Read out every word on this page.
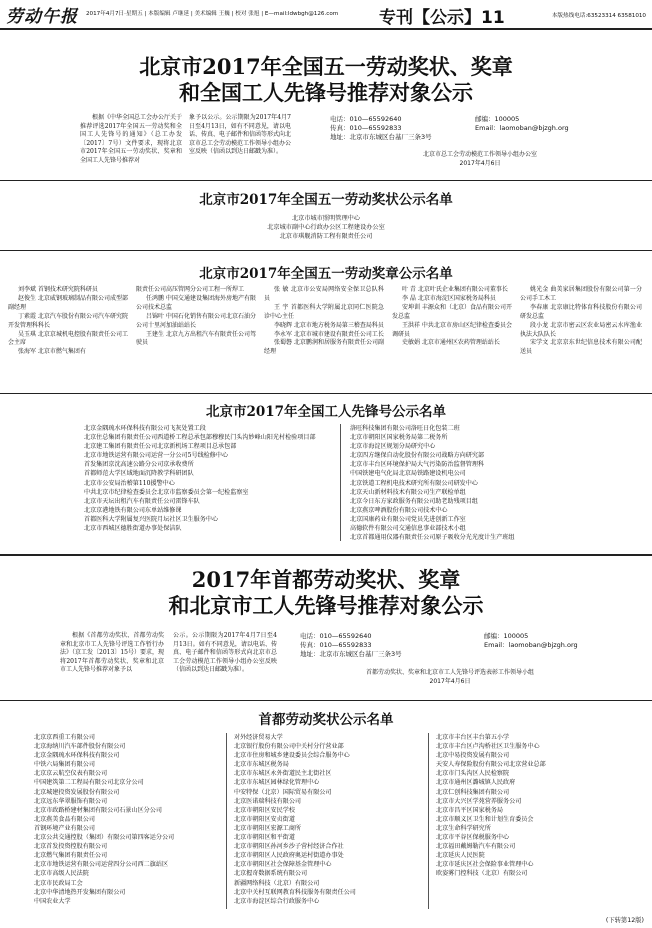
劳动午报 2017年4月7日·星期五 | 本版编辑 卢继延 | 美术编辑 王巍 | 校对 张旭 | E—mail:ldwbgh@126.com 专刊【公示】11	本版热线电话:63523314 63581010
北京市2017年全国五一劳动奖状、奖章
和全国工人先锋号推荐对象公示
根据《中华全国总工会办公厅关于推荐评选2017年全国五一劳动奖和全国工人先锋号的通知》（总工办发〔2017〕7号）文件要求，现将北京市2017年全国五一劳动奖状、奖章和全国工人先锋号推荐对
象予以公示。公示期限为2017年4月7日至4月13日，如有不同意见，请以电话、传真、电子邮件和信函等形式向北京市总工会劳动模范工作领导小组办公室反映（信函以到达日邮戳为准）。
电话：010—65592640
传真：010—65592833
地址：北京市东城区台基厂三条3号
邮编：100005
Email：laomoban@bjzgh.org
北京市总工会劳动模范工作领导小组办公室
2017年4月6日
北京市2017年全国五一劳动奖状公示名单
北京市城市照明管理中心
北京城市副中心行政办公区工程建设办公室
北京市琪舰消防工程有限责任公司
北京市2017年全国五一劳动奖章公示名单
刘李斌 首钢技术研究院科研员
赵俊生 北京威钢玻璃制品有限公司成型部副经理
丁素霞 北京汽车股份有限公司汽车研究院开发管理科科长
吴玉琪 北京京城机电控股有限责任公司工会主席
张海军 北京市燃气集团有
限责任公司高压管网分公司工程一所焊工
任鸿鹏 中国交通建设集团海外房地产有限公司技术总监
吕锦叶 中国石化销售有限公司北京石油分公司十里河加油站站长
王建生 北京九方出租汽车有限责任公司驾驶员
张 敏 北京市公安局网络安全保卫总队科员
王 宇 首都医科大学附属北京同仁医院急诊中心主任
李晓辉 北京市地方税务局第三稽查局科员
李永军 北京市城市建设有限责任公司工长
张蜀磐 北京鹏润和居服务有限责任公司副经理
叶 青 北京叶氏企业集团有限公司董事长
李 晶 北京市海淀区国家税务局科员
安坤训 丰源众和（北京）食品有限公司开发总监
王洪祥 中共北京市房山区纪律检查委员会调研员
史敏娟 北京市通州区农药管理站站长
姚光金 曲美家居集团股份有限公司第一分公司手工木工
李春康 北京康比特体育科技股份有限公司研发总监
段小龙 北京市密云区农业局密云水库渔业执法大队队长
宋学文 北京京东世纪信息技术有限公司配送员
北京市2017年全国工人先锋号公示名单
北京金隅琉水环保科技有限公司飞灰处置工段
北京住总集团有限责任公司西道桥工程总承包部穆穆民门头沟妙峰山阳光村检验项目部
北京建工集团有限责任公司北京新机场工程项目总承包部
北京市地铁运营有限公司运营一分公司5号线检修中心
首发集团京沈高速公路分公司京承收费所
首都师范大学区域地面沉降教学科研团队
北京市公安局治稽第110援警中心
中共北京市纪律检查委员会北京市监察委员会第一纪检监察室
北京市天坛出租汽车有限责任公司雷锋车队
北京京港地铁有限公司东单站维修课
首都医科大学附属复兴医院月坛社区卫生服务中心
北京市西城区德胜街道办事处保洁队
洛旺科技集团有限公司洛旺日化包装二班
北京市朝阳区国家税务局第二税务所
北京市海淀区规划分局研究中心
北京四方继保自动化股份有限公司战略方向研究部
北京市丰台区环境保护局大气污染防治监督管理科
中国铁建电气化局北京局铁路建设机电公司
北京铁道工程机电技术研究所有限公司研发中心
北京天山新材料技术有限公司生产联检单组
北京今日东方家政服务有限公司助老助残项目组
北京燕京啤酒股份有限公司技术中心
北京国康药业有限公司党员先进创新工作室
高德软件有限公司交通信息事业部技术小组
北京首都通用仪器有限责任公司原子吸收分光光度计生产班组
2017年首都劳动奖状、奖章
和北京市工人先锋号推荐对象公示
根据《首都劳动奖状、首都劳动奖章和北京市工人先锋号评选工作暂行办法》（京工发〔2013〕15号）要求，现将2017年首都劳动奖状、奖章和北京市工人先锋号推荐对象予以
公示。公示期限为2017年4月7日至4月13日。如有不同意见，请以电话、传真、电子邮件和信函等形式向北京市总工会劳动模范工作领导小组办公室反映（信函以到达日邮戳为准）。
电话：010—65592640
传真：010—65592833
地址：北京市东城区台基厂三条3号
邮编：100005
Email：laomoban@bjzgh.org
首都劳动奖状、奖章和北京市工人先锋号评选表彰工作领导小组
2017年4月6日
首都劳动奖状公示名单
北京京西重工有限公司
北京海纳川汽车部件股份有限公司
北京金隅琉水环保科技有限公司
中铁六局集团有限公司
北京京云航空仪表有限公司
中国建筑第二工程局有限公司北京分公司
北京城建投资发展股份有限公司
北京远东华翠服饰有限公司
北京市政路桥建材集团有限公司石景山区分公司
北京燕美食品有限公司
首钢环境产业有限公司
北京公共交通控股（集团）有限公司第四客运分公司
北京首发投资控股有限公司
北京燃气集团有限责任公司
北京市地铁运营有限公司运营四分公司西二旗站区
北京市高级人民法院
北京市民政局工会
北京中华清地热开发集团有限公司
中国农业大学
对外经济贸易大学
北京银行股份有限公司中关村分行营业部
北京市住房和城乡建设委员会综合服务中心
北京市东城区税务局
北京市东城区永外街道民主北街社区
北京市东城区园林绿化管理中心
中安特保（北京）国际贸易有限公司
北京医诺瑞科技有限公司
北京市朝阳区安民学校
北京市朝阳区安贞街道
北京市朝阳区宏源工商所
北京市朝阳区和平街道
北京市朝阳区孙河乡沙子营村经济合作社
北京市朝阳区人民政府奥运村街道办事处
北京市朝阳区社会保障基金管理中心
北京握奇数据系统有限公司
新疆网络科技（北京）有限公司
北京中关村互联网教育科技服务有限责任公司
北京市海淀区综合行政服务中心
北京市丰台区丰台第五小学
北京市丰台区卢沟桥社区卫生服务中心
北京中易投资发展有限公司
天安人寿保险股份有限公司北京营业总部
北京市门头沟区人民检察院
北京市通州区潞城镇人民政府
北京仁创科技集团有限公司
北京市大兴区学苑营养服务公司
北京市昌平区国家税务局
北京市顺义区卫生和计划生育委员会
北京生命科学研究所
北京市平谷区保税服务中心
北京福田戴姆勒汽车有限公司
北京延庆人民医院
北京市延庆区社会保险事业管理中心
欧姿雾门控科技（北京）有限公司
(下转第12版)
